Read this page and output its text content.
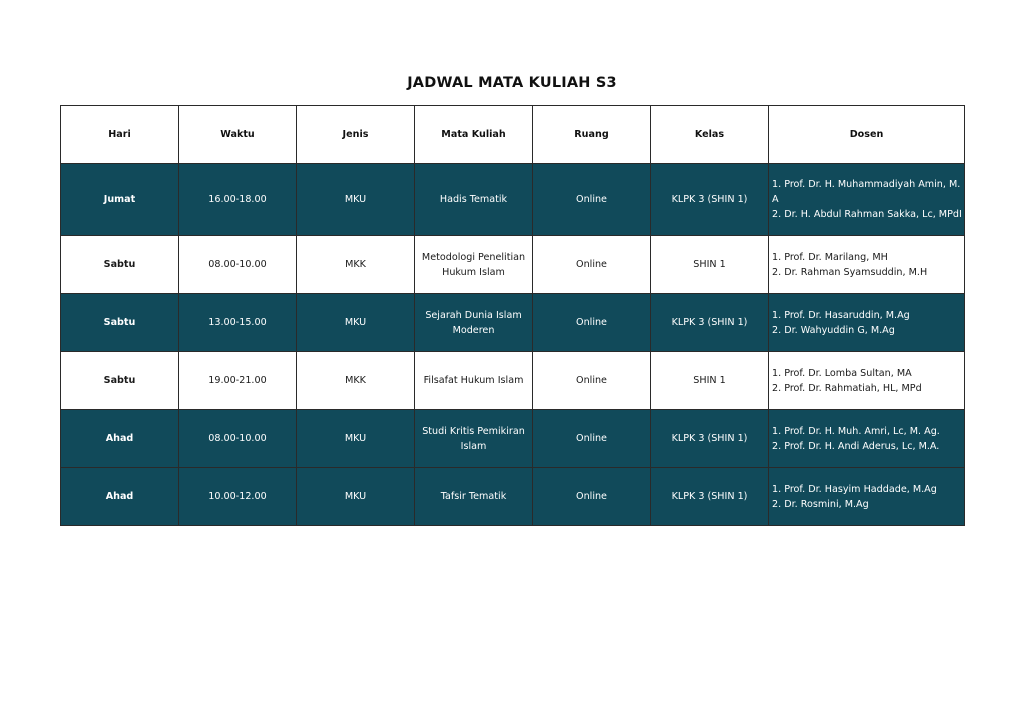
JADWAL MATA KULIAH S3
Hari	Waktu	Jenis	Mata Kuliah	Ruang	Kelas	Dosen
Jumat	16.00-18.00	MKU	Hadis Tematik	Online	KLPK 3 (SHIN 1)	1. Prof. Dr. H. Muhammadiyah Amin, M. A
2. Dr. H. Abdul Rahman Sakka, Lc, MPdI

Sabtu	08.00-10.00	MKK	Metodologi Penelitian Hukum Islam	Online	SHIN 1	1. Prof. Dr. Marilang, MH
2. Dr. Rahman Syamsuddin, M.H

Sabtu	13.00-15.00	MKU	Sejarah Dunia Islam Moderen	Online	KLPK 3 (SHIN 1)	1. Prof. Dr. Hasaruddin, M.Ag
2. Dr. Wahyuddin G, M.Ag

Sabtu	19.00-21.00	MKK	Filsafat Hukum Islam	Online	SHIN 1	1. Prof. Dr. Lomba Sultan, MA
2. Prof. Dr. Rahmatiah, HL, MPd

Ahad	08.00-10.00	MKU	Studi Kritis Pemikiran Islam	Online	KLPK 3 (SHIN 1)	1. Prof. Dr. H. Muh. Amri, Lc, M. Ag.
2. Prof. Dr. H. Andi Aderus, Lc, M.A.

Ahad	10.00-12.00	MKU	Tafsir Tematik	Online	KLPK 3 (SHIN 1)	1. Prof. Dr. Hasyim Haddade, M.Ag
2. Dr. Rosmini, M.Ag
